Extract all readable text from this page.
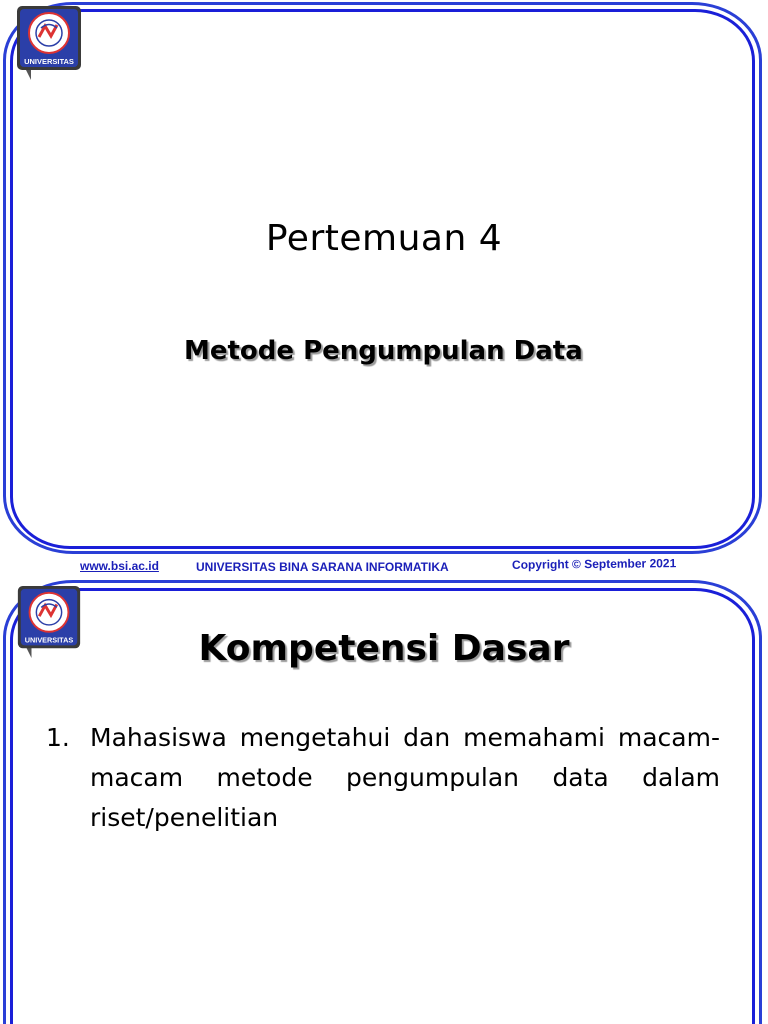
UNIVERSITAS
Pertemuan 4
Metode Pengumpulan Data
www.bsi.ac.id	UNIVERSITAS BINA SARANA INFORMATIKA	Copyright © September 2021
UNIVERSITAS	Kompetensi Dasar
1. Mahasiswa mengetahui dan memahami macam-macam metode pengumpulan data dalam riset/penelitian
